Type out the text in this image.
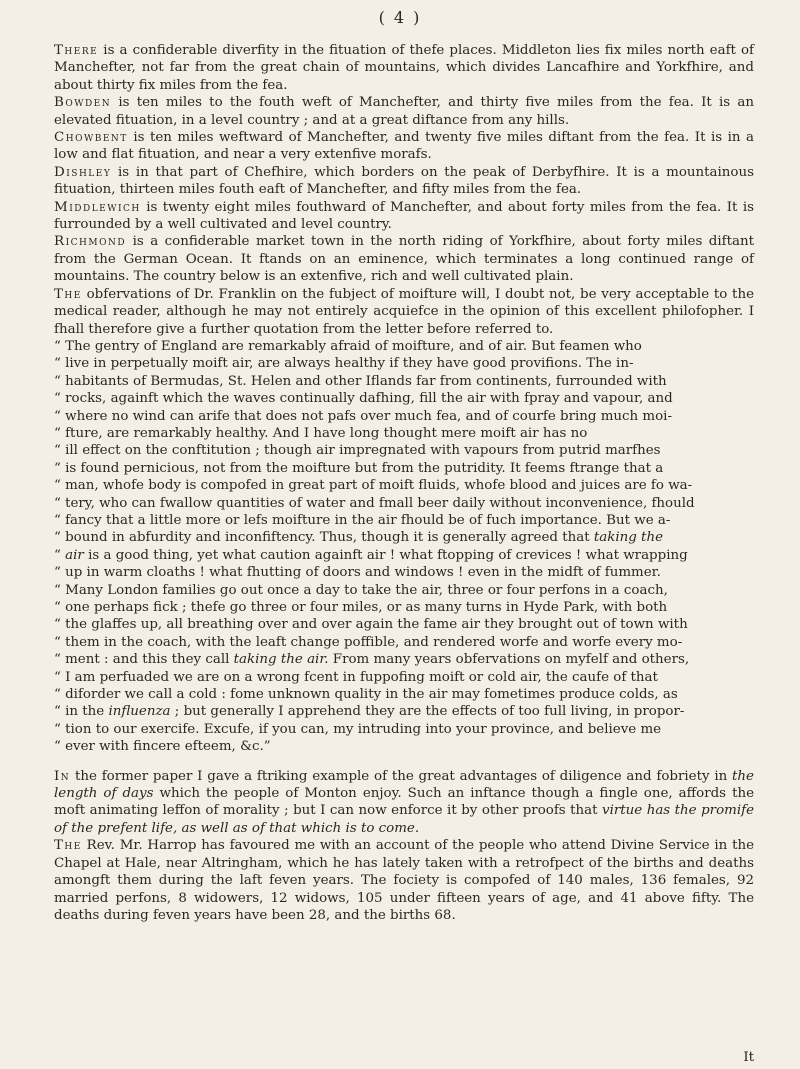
( 4 )

There is a confiderable diverfity in the fituation of thefe places. Middleton lies fix miles north eaft of Manchefter, not far from the great chain of mountains, which divides Lancafhire and Yorkfhire, and about thirty fix miles from the fea.

Bowden is ten miles to the fouth weft of Manchefter, and thirty five miles from the fea. It is an elevated fituation, in a level country ; and at a great diftance from any hills.

Chowbent is ten miles weftward of Manchefter, and twenty five miles diftant from the fea. It is in a low and flat fituation, and near a very extenfive morafs.

Dishley is in that part of Chefhire, which borders on the peak of Derbyfhire. It is a mountainous fituation, thirteen miles fouth eaft of Manchefter, and fifty miles from the fea.

Middlewich is twenty eight miles fouthward of Manchefter, and about forty miles from the fea. It is furrounded by a well cultivated and level country.

Richmond is a confiderable market town in the north riding of Yorkfhire, about forty miles diftant from the German Ocean. It ftands on an eminence, which terminates a long continued range of mountains. The country below is an extenfive, rich and well cultivated plain.

The obfervations of Dr. Franklin on the fubject of moifture will, I doubt not, be very acceptable to the medical reader, although he may not entirely acquiefce in the opinion of this excellent philofopher. I fhall therefore give a further quotation from the letter before referred to.

“ The gentry of England are remarkably afraid of moifture, and of air. But feamen who
“ live in perpetually moift air, are always healthy if they have good provifions. The in-
“ habitants of Bermudas, St. Helen and other Iflands far from continents, furrounded with
“ rocks, againft which the waves continually dafhing, fill the air with fpray and vapour, and
“ where no wind can arife that does not pafs over much fea, and of courfe bring much moi-
“ fture, are remarkably healthy. And I have long thought mere moift air has no
“ ill effect on the conftitution ; though air impregnated with vapours from putrid marfhes
“ is found pernicious, not from the moifture but from the putridity. It feems ftrange that a
“ man, whofe body is compofed in great part of moift fluids, whofe blood and juices are fo wa-
“ tery, who can fwallow quantities of water and fmall beer daily without inconvenience, fhould
“ fancy that a little more or lefs moifture in the air fhould be of fuch importance. But we a-
“ bound in abfurdity and inconfiftency. Thus, though it is generally agreed that taking the
“ air is a good thing, yet what caution againft air ! what ftopping of crevices ! what wrapping
“ up in warm cloaths ! what fhutting of doors and windows ! even in the midft of fummer.
“ Many London families go out once a day to take the air, three or four perfons in a coach,
“ one perhaps fick ; thefe go three or four miles, or as many turns in Hyde Park, with both
“ the glaffes up, all breathing over and over again the fame air they brought out of town with
“ them in the coach, with the leaft change poffible, and rendered worfe and worfe every mo-
“ ment : and this they call taking the air. From many years obfervations on myfelf and others,
“ I am perfuaded we are on a wrong fcent in fuppofing moift or cold air, the caufe of that
“ diforder we call a cold : fome unknown quality in the air may fometimes produce colds, as
“ in the influenza ; but generally I apprehend they are the effects of too full living, in propor-
“ tion to our exercife. Excufe, if you can, my intruding into your province, and believe me
“ ever with fincere efteem, &c.”

In the former paper I gave a ftriking example of the great advantages of diligence and fobriety in the length of days which the people of Monton enjoy. Such an inftance though a fingle one, affords the moft animating leffon of morality ; but I can now enforce it by other proofs that virtue has the promife of the prefent life, as well as of that which is to come.

The Rev. Mr. Harrop has favoured me with an account of the people who attend Divine Service in the Chapel at Hale, near Altringham, which he has lately taken with a retrofpect of the births and deaths amongft them during the laft feven years. The fociety is compofed of 140 males, 136 females, 92 married perfons, 8 widowers, 12 widows, 105 under fifteen years of age, and 41 above fifty. The deaths during feven years have been 28, and the births 68.

It
